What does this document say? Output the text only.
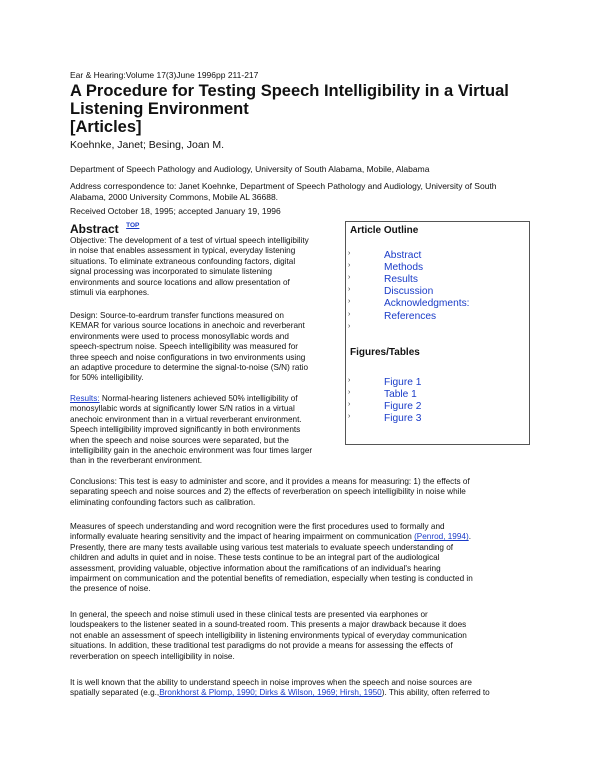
Ear & Hearing:Volume 17(3)June 1996pp 211-217
A Procedure for Testing Speech Intelligibility in a Virtual
Listening Environment
[Articles]
Koehnke, Janet; Besing, Joan M.
Department of Speech Pathology and Audiology, University of South Alabama, Mobile, Alabama
Address correspondence to: Janet Koehnke, Department of Speech Pathology and Audiology, University of South
Alabama, 2000 University Commons, Mobile AL 36688.
Received October 18, 1995; accepted January 19, 1996
Abstract $^{TOP}$
Objective: The development of a test of virtual speech intelligibility
in noise that enables assessment in typical, everyday listening
situations. To eliminate extraneous confounding factors, digital
signal processing was incorporated to simulate listening
environments and source locations and allow presentation of
stimuli via earphones.
Design: Source-to-eardrum transfer functions measured on
KEMAR for various source locations in anechoic and reverberant
environments were used to process monosyllabic words and
speech-spectrum noise. Speech intelligibility was measured for
three speech and noise configurations in two environments using
an adaptive procedure to determine the signal-to-noise (S/N) ratio
for 50% intelligibility.
Results: Normal-hearing listeners achieved 50% intelligibility of
monosyllabic words at significantly lower S/N ratios in a virtual
anechoic environment than in a virtual reverberant environment.
Speech intelligibility improved significantly in both environments
when the speech and noise sources were separated, but the
intelligibility gain in the anechoic environment was four times larger
than in the reverberant environment.
Conclusions: This test is easy to administer and score, and it provides a means for measuring: 1) the effects of
separating speech and noise sources and 2) the effects of reverberation on speech intelligibility in noise while
eliminating confounding factors such as calibration.
Article Outline
›	Abstract
›	Methods
›	Results
›	Discussion
›	Acknowledgments:
›	References
›
Figures/Tables
›	Figure 1
›	Table 1
›	Figure 2
›	Figure 3
Measures of speech understanding and word recognition were the first procedures used to formally and
informally evaluate hearing sensitivity and the impact of hearing impairment on communication (Penrod, 1994).
Presently, there are many tests available using various test materials to evaluate speech understanding of
children and adults in quiet and in noise. These tests continue to be an integral part of the audiological
assessment, providing valuable, objective information about the ramifications of an individual's hearing
impairment on communication and the potential benefits of remediation, especially when testing is conducted in
the presence of noise.
In general, the speech and noise stimuli used in these clinical tests are presented via earphones or
loudspeakers to the listener seated in a sound-treated room. This presents a major drawback because it does
not enable an assessment of speech intelligibility in listening environments typical of everyday communication
situations. In addition, these traditional test paradigms do not provide a means for assessing the effects of
reverberation on speech intelligibility in noise.
It is well known that the ability to understand speech in noise improves when the speech and noise sources are
spatially separated (e.g.,Bronkhorst & Plomp, 1990; Dirks & Wilson, 1969; Hirsh, 1950). This ability, often referred to
